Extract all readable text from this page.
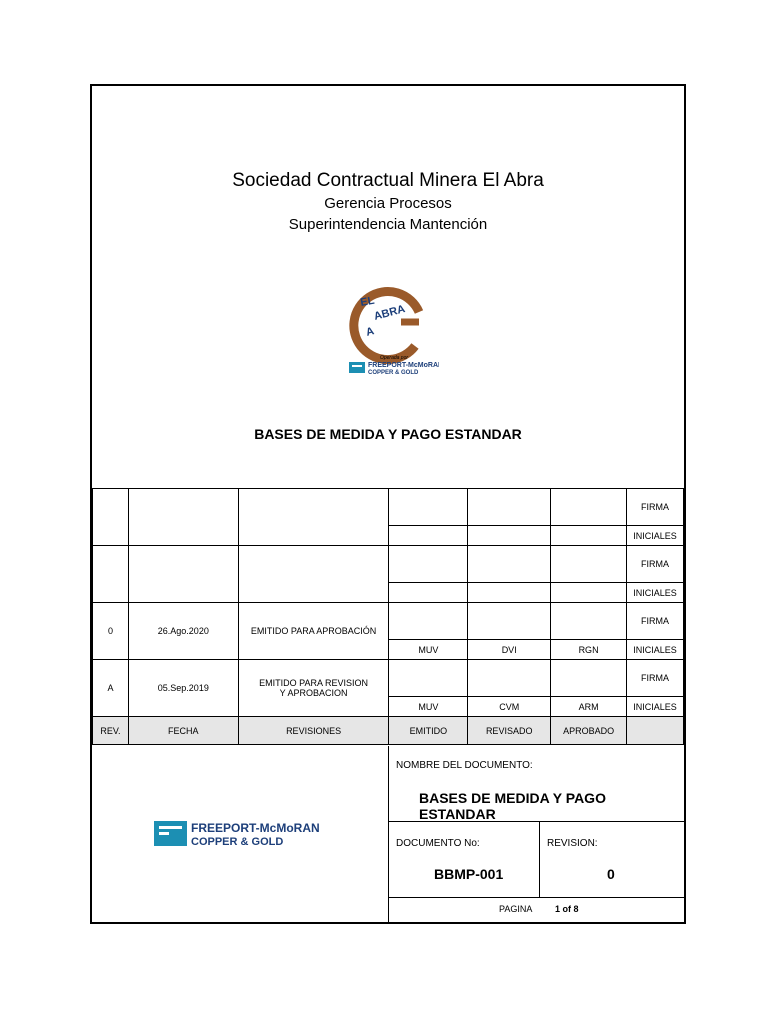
Sociedad Contractual Minera El Abra
Gerencia Procesos
Superintendencia Mantención
EL
ABRA
A
Operada por
FREEPORT-McMoRAN
COPPER & GOLD
BASES DE MEDIDA Y PAGO ESTANDAR
						FIRMA
						INICIALES
						FIRMA
						INICIALES
0	26.Ago.2020	EMITIDO PARA APROBACIÓN				FIRMA
			MUV	DVI	RGN	INICIALES
A	05.Sep.2019	EMITIDO PARA REVISION Y APROBACION				FIRMA
			MUV	CVM	ARM	INICIALES
REV.	FECHA	REVISIONES	EMITIDO	REVISADO	APROBADO	
FREEPORT-McMoRAN
COPPER & GOLD
NOMBRE DEL DOCUMENTO:
BASES DE MEDIDA Y PAGO ESTANDAR
DOCUMENTO No:
BBMP-001
REVISION:
0
PAGINA	1 of 8
